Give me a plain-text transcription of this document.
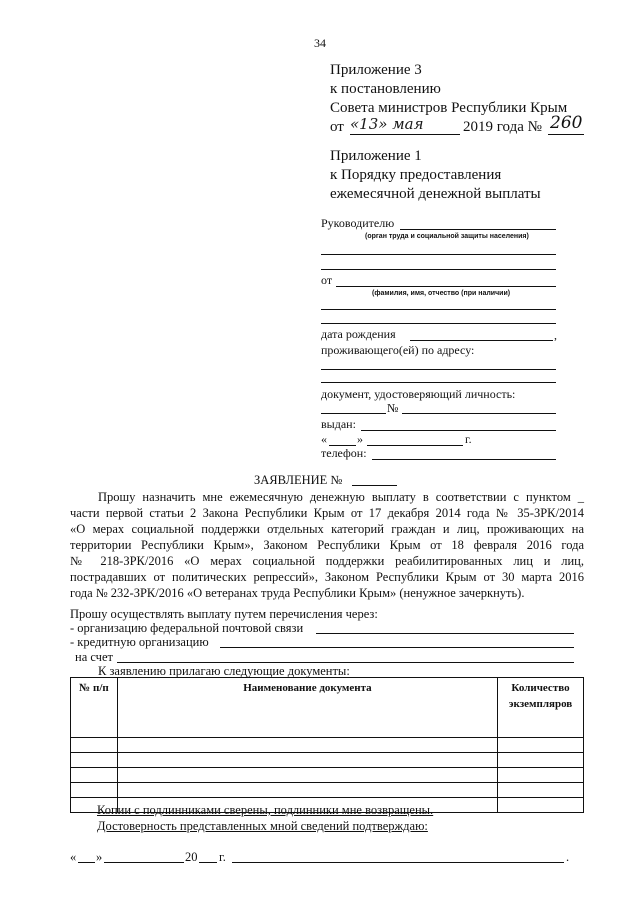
34
Приложение 3
к постановлению
Совета министров Республики Крым
от «13» мая	2019 года № 260
Приложение 1
к Порядку предоставления
ежемесячной денежной выплаты
Руководителю
(орган труда и социальной защиты населения)
от
(фамилия, имя, отчество (при наличии)
дата рождения	,
проживающего(ей) по адресу:
документ, удостоверяющий личность:
№
выдан:
«	»	г.
телефон:
ЗАЯВЛЕНИЕ №
Прошу назначить мне ежемесячную денежную выплату в соответствии с пунктом _
части первой статьи 2 Закона Республики Крым от 17 декабря 2014 года № 35-ЗРК/2014
«О мерах социальной поддержки отдельных категорий граждан и лиц, проживающих на
территории Республики Крым», Законом Республики Крым от 18 февраля 2016 года
№ 218-ЗРК/2016 «О мерах социальной поддержки реабилитированных лиц и лиц,
пострадавших от политических репрессий», Законом Республики Крым от 30 марта 2016
года № 232-ЗРК/2016 «О ветеранах труда Республики Крым» (ненужное зачеркнуть).
Прошу осуществлять выплату путем перечисления через:
- организацию федеральной почтовой связи
- кредитную организацию
на счет
К заявлению прилагаю следующие документы:
№ п/п	Наименование документа	Количество экземпляров

Копии с подлинниками сверены, подлинники мне возвращены.
Достоверность представленных мной сведений подтверждаю:
« »	20 г.	.
